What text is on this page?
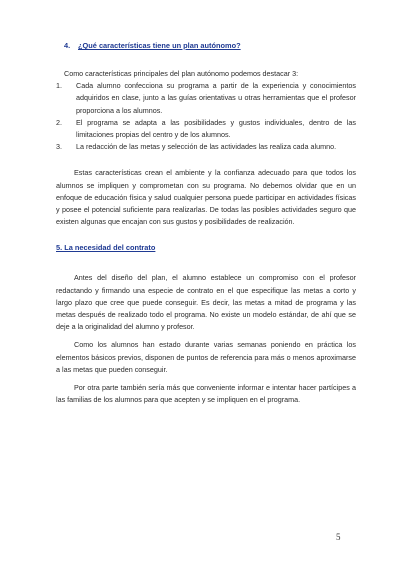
4. ¿Qué características tiene un plan autónomo?
Como características principales del plan autónomo podemos destacar 3:
1.	Cada alumno confecciona su programa a partir de la experiencia y conocimientos adquiridos en clase, junto a las guías orientativas u otras herramientas que el profesor proporciona a los alumnos.
2.	El programa se adapta a las posibilidades y gustos individuales, dentro de las limitaciones propias del centro y de los alumnos.
3.	La redacción de las metas y selección de las actividades las realiza cada alumno.
Estas características crean el ambiente y la confianza adecuado para que todos los alumnos se impliquen y comprometan con su programa. No debemos olvidar que en un enfoque de educación física y salud cualquier persona puede participar en actividades físicas y posee el potencial suficiente para realizarlas. De todas las posibles actividades seguro que existen algunas que encajan con sus gustos y posibilidades de realización.
5. La necesidad del contrato
Antes del diseño del plan, el alumno establece un compromiso con el profesor redactando y firmando una especie de contrato en el que especifique las metas a corto y largo plazo que cree que puede conseguir. Es decir, las metas a mitad de programa y las metas después de realizado todo el programa. No existe un modelo estándar, de ahí que se deje a la originalidad del alumno y profesor.
Como los alumnos han estado durante varias semanas poniendo en práctica los elementos básicos previos, disponen de puntos de referencia para más o menos aproximarse a las metas que pueden conseguir.
Por otra parte también sería más que conveniente informar e intentar hacer partícipes a las familias de los alumnos para que acepten y se impliquen en el programa.
5
